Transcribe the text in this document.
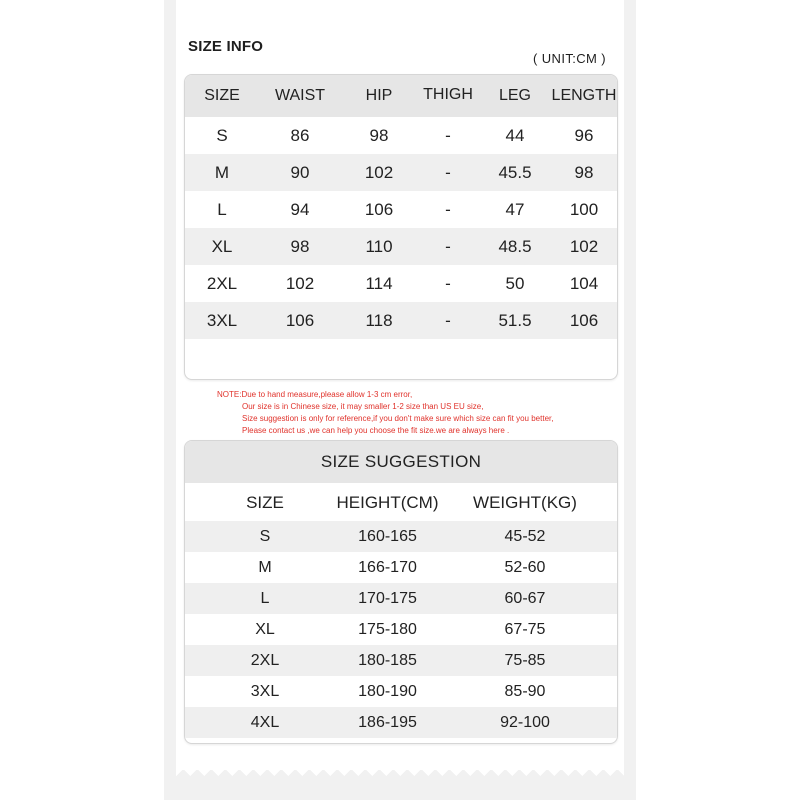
SIZE INFO
( UNIT:CM )
SIZE	WAIST	HIP	THIGH	LEG	LENGTH
S	86	98	-	44	96
M	90	102	-	45.5	98
L	94	106	-	47	100
XL	98	110	-	48.5	102
2XL	102	114	-	50	104
3XL	106	118	-	51.5	106
NOTE:Due to hand measure,please allow 1-3 cm error,
Our size is in Chinese size, it may smaller 1-2 size than US EU size,
Size suggestion is only for reference,if you don't make sure which size can fit you better,
Please contact us ,we can help you choose the fit size.we are always here .
SIZE SUGGESTION
SIZE	HEIGHT(CM)	WEIGHT(KG)
S	160-165	45-52
M	166-170	52-60
L	170-175	60-67
XL	175-180	67-75
2XL	180-185	75-85
3XL	180-190	85-90
4XL	186-195	92-100
